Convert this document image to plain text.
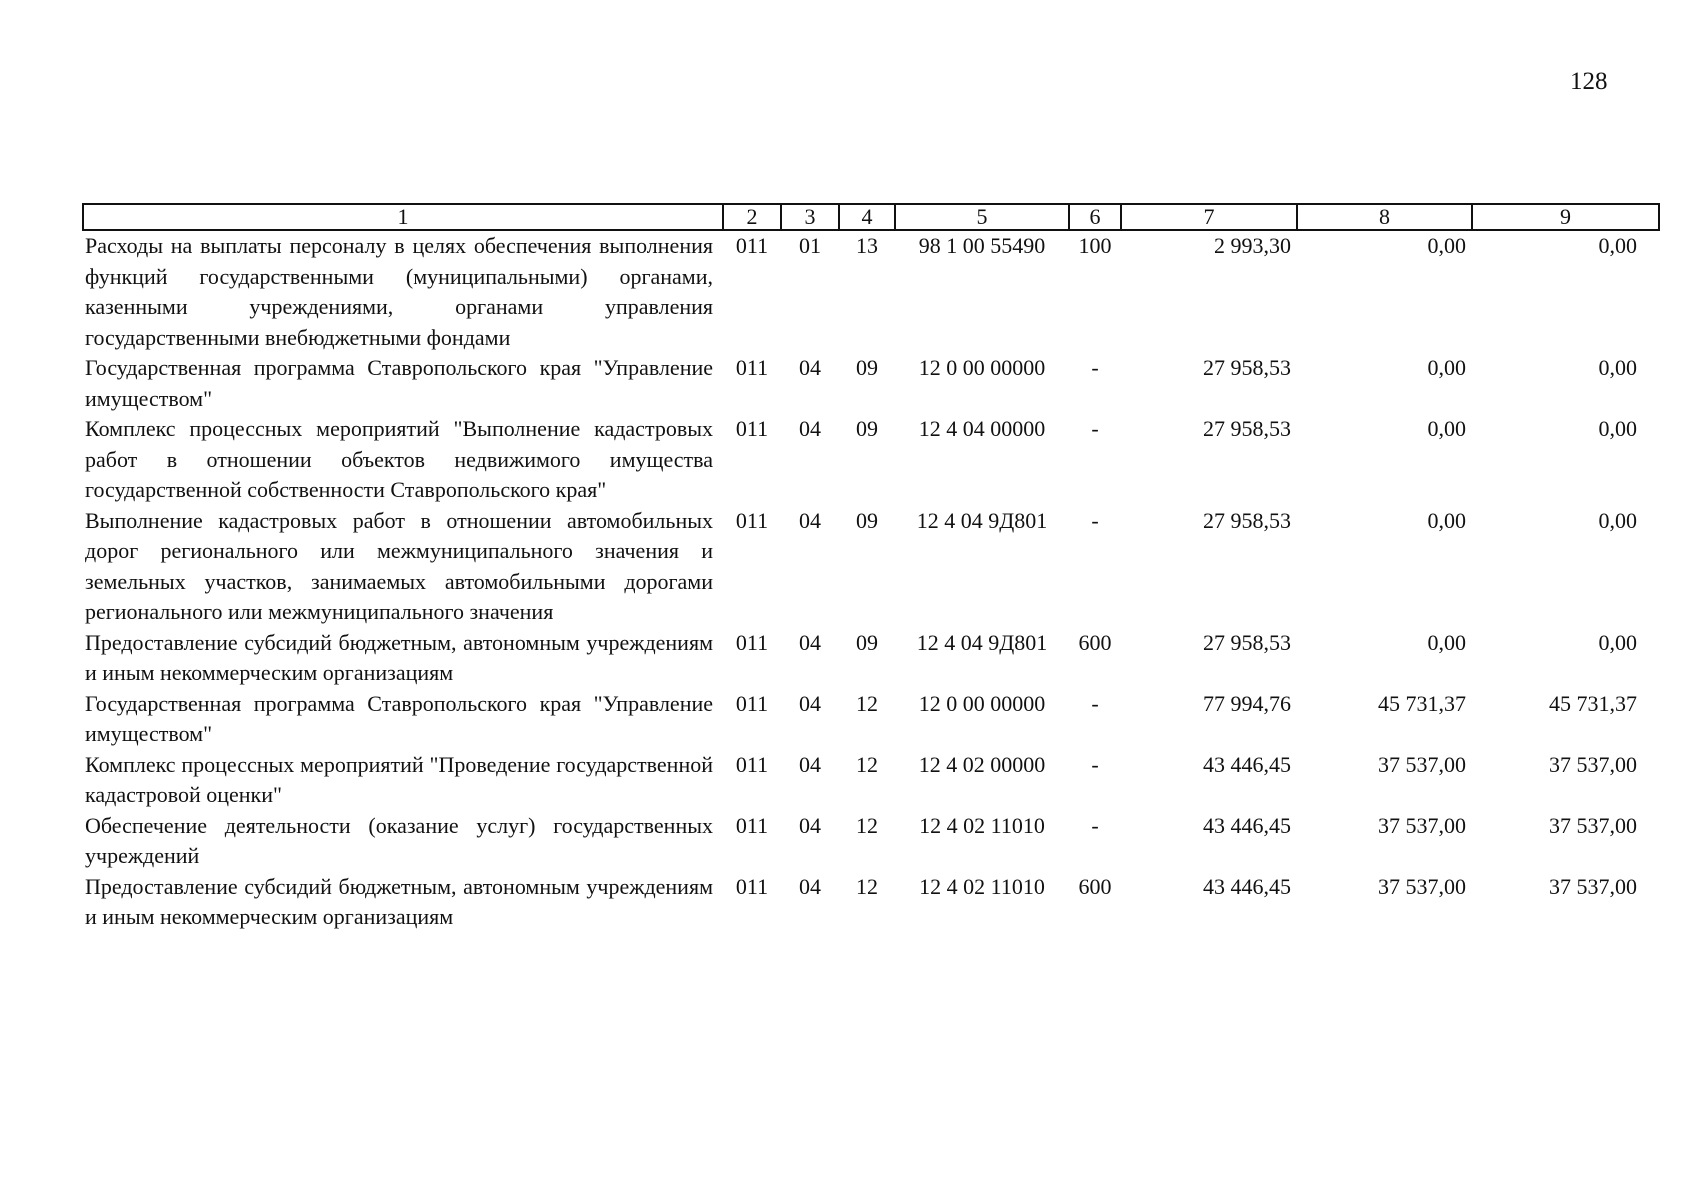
128
1	2	3	4	5	6	7	8	9
Расходы на выплаты персоналу в целях обеспечения выполнения функций государственными (муниципальными) органами, казенными учреждениями, органами управления государственными внебюджетными фондами	011	01	13	98 1 00 55490	100	2 993,30	0,00	0,00
Государственная программа Ставропольского края "Управление имуществом"	011	04	09	12 0 00 00000	-	27 958,53	0,00	0,00
Комплекс процессных мероприятий "Выполнение кадастровых работ в отношении объектов недвижимого имущества государственной собственности Ставропольского края"	011	04	09	12 4 04 00000	-	27 958,53	0,00	0,00
Выполнение кадастровых работ в отношении автомобильных дорог регионального или межмуниципального значения и земельных участков, занимаемых автомобильными дорогами регионального или межмуниципального значения	011	04	09	12 4 04 9Д801	-	27 958,53	0,00	0,00
Предоставление субсидий бюджетным, автономным учреждениям и иным некоммерческим организациям	011	04	09	12 4 04 9Д801	600	27 958,53	0,00	0,00
Государственная программа Ставропольского края "Управление имуществом"	011	04	12	12 0 00 00000	-	77 994,76	45 731,37	45 731,37
Комплекс процессных мероприятий "Проведение государственной кадастровой оценки"	011	04	12	12 4 02 00000	-	43 446,45	37 537,00	37 537,00
Обеспечение деятельности (оказание услуг) государственных учреждений	011	04	12	12 4 02 11010	-	43 446,45	37 537,00	37 537,00
Предоставление субсидий бюджетным, автономным учреждениям и иным некоммерческим организациям	011	04	12	12 4 02 11010	600	43 446,45	37 537,00	37 537,00
